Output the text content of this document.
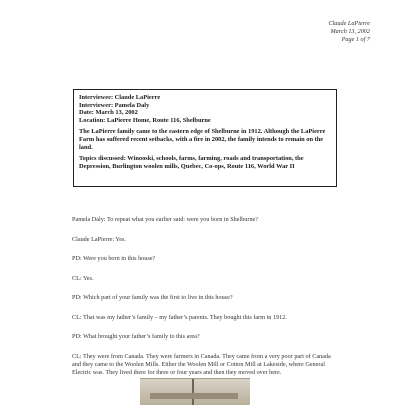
Claude LaPierre
March 13, 2002
Page 1 of 7
Interviewee: Claude LaPierre
Interviewer: Pamela Daly
Date: March 13, 2002
Location: LaPierre Home, Route 116, Shelburne

The LaPierre family came to the eastern edge of Shelburne in 1912. Although the LaPierre Farm has suffered recent setbacks, with a fire in 2002, the family intends to remain on the land.

Topics discussed: Winooski, schools, farms, farming, roads and transportation, the Depression, Burlington woolen mills, Quebec, Co-ops, Route 116, World War II

Pamela Daly: To repeat what you earlier said: were you born in Shelburne?

Claude LaPierre: Yes.

PD: Were you born in this house?

CL: Yes.

PD: Which part of your family was the first to live in this house?

CL: That was my father’s family – my father’s parents. They bought this farm in 1912.

PD: What brought your father’s family to this area?

CL: They were from Canada. They were farmers in Canada. They came from a very poor part of Canada and they came to the Woolen Mills. Either the Woolen Mill or Cotton Mill at Lakeside, where General Electric was. They lived there for three or four years and then they moved over here.
